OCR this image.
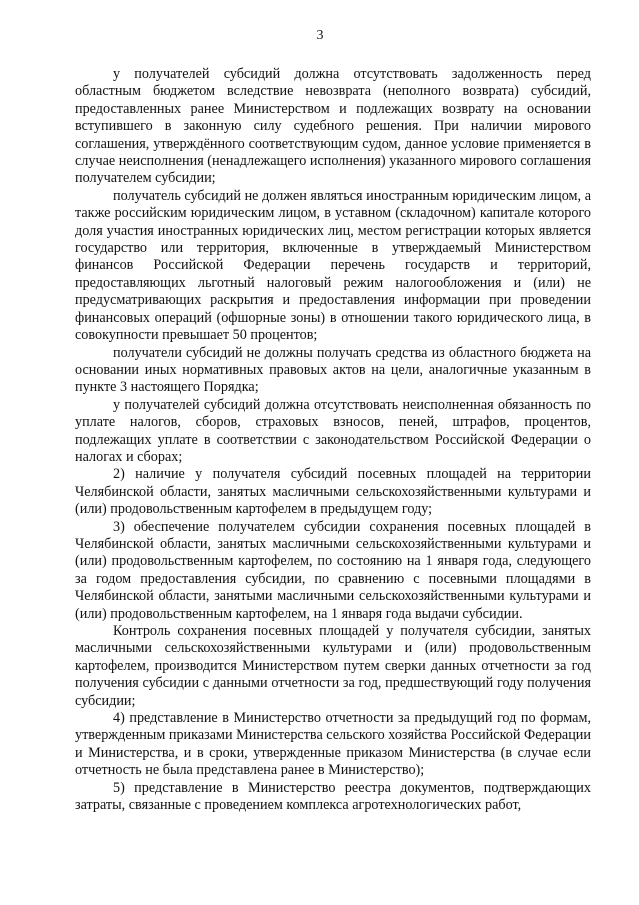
3

у получателей субсидий должна отсутствовать задолженность перед областным бюджетом вследствие невозврата (неполного возврата) субсидий, предоставленных ранее Министерством и подлежащих возврату на основании вступившего в законную силу судебного решения. При наличии мирового соглашения, утверждённого соответствующим судом, данное условие применяется в случае неисполнения (ненадлежащего исполнения) указанного мирового соглашения получателем субсидии;

получатель субсидий не должен являться иностранным юридическим лицом, а также российским юридическим лицом, в уставном (складочном) капитале которого доля участия иностранных юридических лиц, местом регистрации которых является государство или территория, включенные в утверждаемый Министерством финансов Российской Федерации перечень государств и территорий, предоставляющих льготный налоговый режим налогообложения и (или) не предусматривающих раскрытия и предоставления информации при проведении финансовых операций (офшорные зоны) в отношении такого юридического лица, в совокупности превышает 50 процентов;

получатели субсидий не должны получать средства из областного бюджета на основании иных нормативных правовых актов на цели, аналогичные указанным в пункте 3 настоящего Порядка;

у получателей субсидий должна отсутствовать неисполненная обязанность по уплате налогов, сборов, страховых взносов, пеней, штрафов, процентов, подлежащих уплате в соответствии с законодательством Российской Федерации о налогах и сборах;

2) наличие у получателя субсидий посевных площадей на территории Челябинской области, занятых масличными сельскохозяйственными культурами и (или) продовольственным картофелем в предыдущем году;

3) обеспечение получателем субсидии сохранения посевных площадей в Челябинской области, занятых масличными сельскохозяйственными культурами и (или) продовольственным картофелем, по состоянию на 1 января года, следующего за годом предоставления субсидии, по сравнению с посевными площадями в Челябинской области, занятыми масличными сельскохозяйственными культурами и (или) продовольственным картофелем, на 1 января года выдачи субсидии.

Контроль сохранения посевных площадей у получателя субсидии, занятых масличными сельскохозяйственными культурами и (или) продовольственным картофелем, производится Министерством путем сверки данных отчетности за год получения субсидии с данными отчетности за год, предшествующий году получения субсидии;

4) представление в Министерство отчетности за предыдущий год по формам, утвержденным приказами Министерства сельского хозяйства Российской Федерации и Министерства, и в сроки, утвержденные приказом Министерства (в случае если отчетность не была представлена ранее в Министерство);

5) представление в Министерство реестра документов, подтверждающих затраты, связанные с проведением комплекса агротехнологических работ,
